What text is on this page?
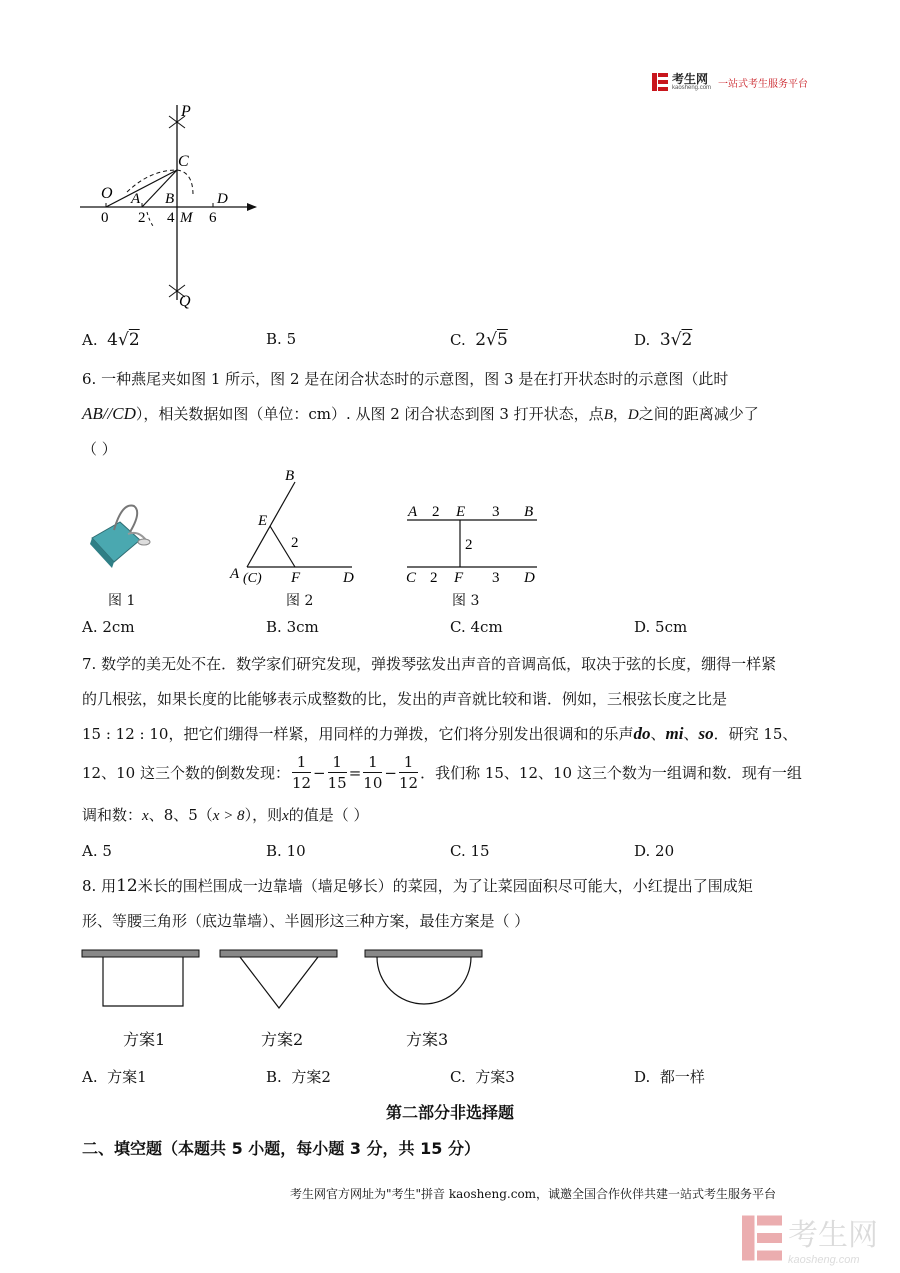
考生网
kaosheng.com 一站式考生服务平台
P
C
O A B	D
0 2 4 M 6
Q
A. 4√2	B. 5	C. 2√5	D. 3√2
6. 一种燕尾夹如图 1 所示，图 2 是在闭合状态时的示意图，图 3 是在打开状态时的示意图（此时
AB//CD），相关数据如图（单位：cm）. 从图 2 闭合状态到图 3 打开状态，点B，D之间的距离减少了
（ ）
图 1
B
E
2
A (C) F	D
图 2
A 2 E 3 B
2
C 2 F 3 D
图 3
A. 2cm	B. 3cm	C. 4cm	D. 5cm
7. 数学的美无处不在．数学家们研究发现，弹拨琴弦发出声音的音调高低，取决于弦的长度，绷得一样紧
的几根弦，如果长度的比能够表示成整数的比，发出的声音就比较和谐．例如，三根弦长度之比是
15 : 12 : 10，把它们绷得一样紧，用同样的力弹拨，它们将分别发出很调和的乐声do、mi、so．研究 15、
12、10 这三个数的倒数发现： $\frac{1}{12} - \frac{1}{15} = \frac{1}{10} - \frac{1}{12}$ ．我们称 15、12、10 这三个数为一组调和数．现有一组
调和数：x、8、5（x > 8），则x的值是（ ）
A. 5	B. 10	C. 15	D. 20
8. 用12米长的围栏围成一边靠墙（墙足够长）的菜园，为了让菜园面积尽可能大，小红提出了围成矩
形、等腰三角形（底边靠墙）、半圆形这三种方案，最佳方案是（ ）
方案1	方案2	方案3
A. 方案1	B. 方案2	C. 方案3	D. 都一样
第二部分非选择题
二、填空题（本题共 5 小题，每小题 3 分，共 15 分）
考生网官方网址为"考生"拼音 kaosheng.com，诚邀全国合作伙伴共建一站式考生服务平台
考生网
kaosheng.com
